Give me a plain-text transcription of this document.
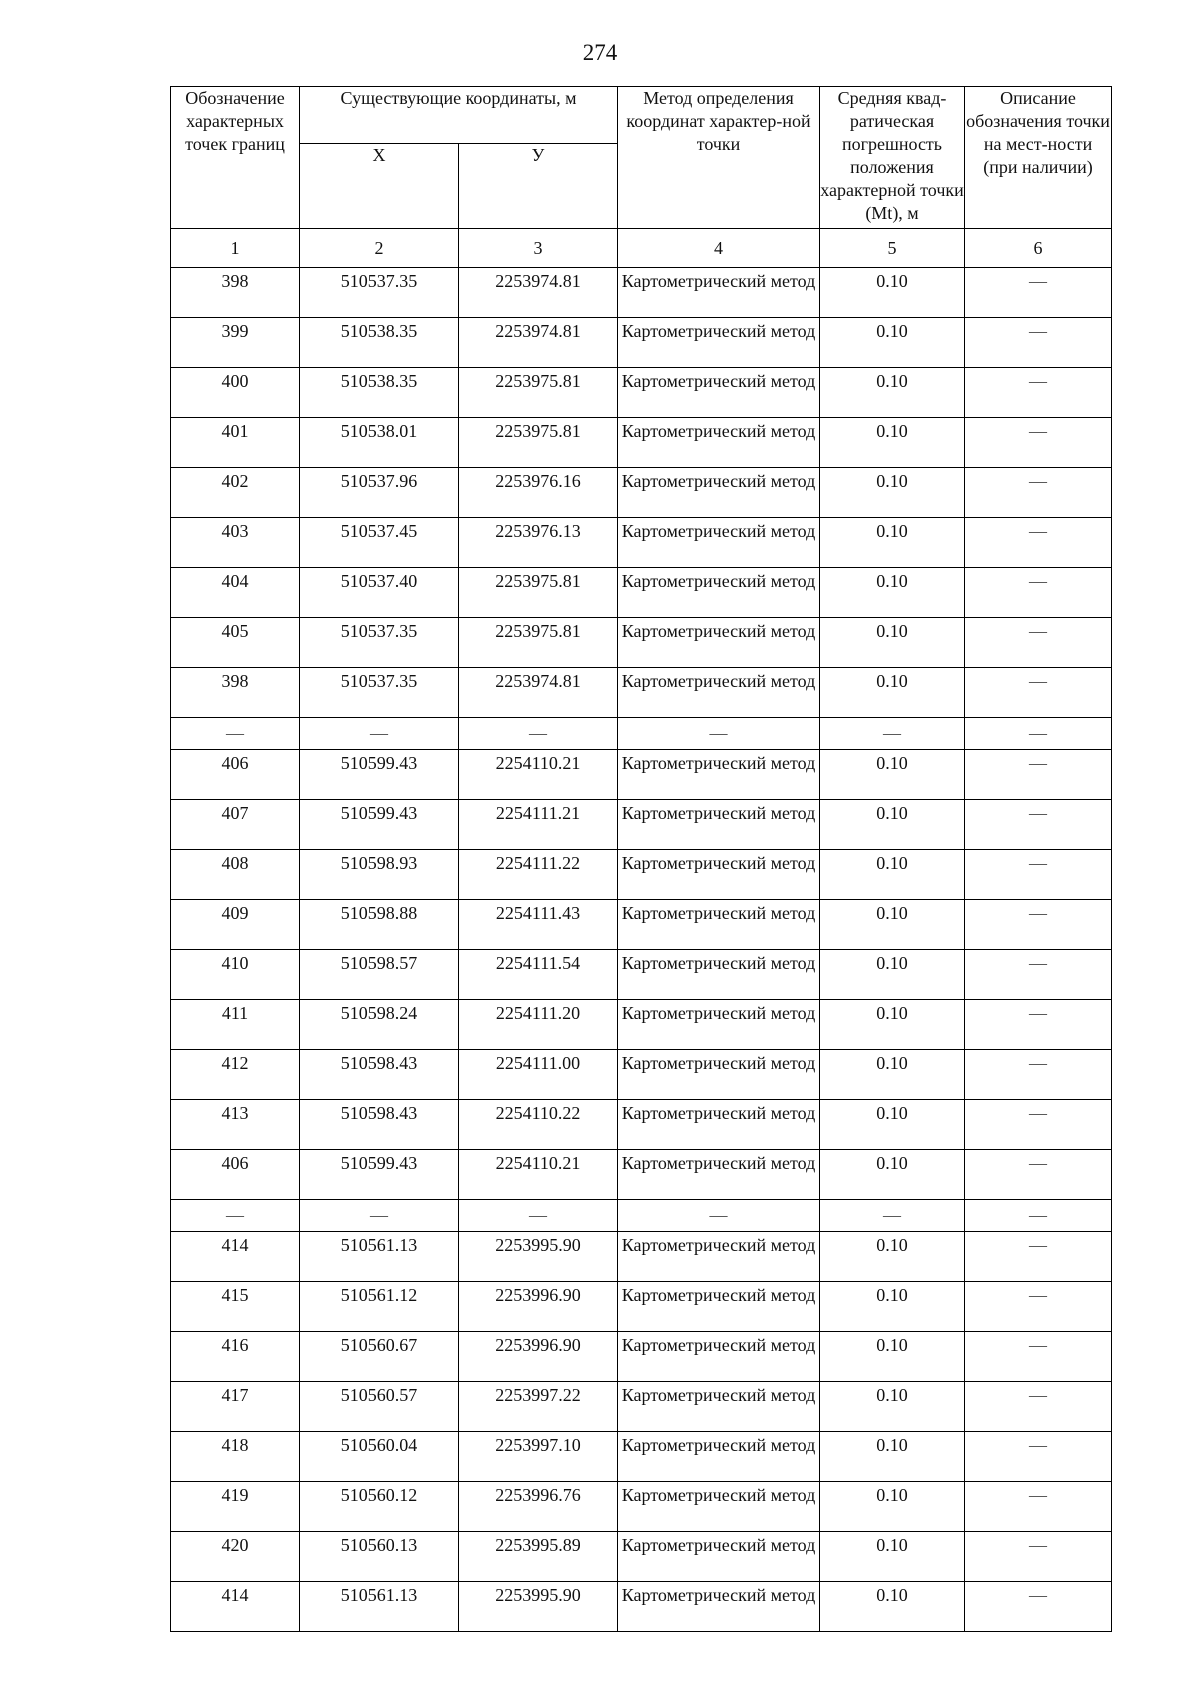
274
Обозначение характерных точек границ	Существующие координаты, м		Метод определения координат характер-ной точки	Средняя квад-ратическая погрешность положения характерной точки (Мt), м	Описание обозначения точки на мест-ности (при наличии)
	Х	У			
1	2	3	4	5	6
398	510537.35	2253974.81	Картометрический метод	0.10	—
399	510538.35	2253974.81	Картометрический метод	0.10	—
400	510538.35	2253975.81	Картометрический метод	0.10	—
401	510538.01	2253975.81	Картометрический метод	0.10	—
402	510537.96	2253976.16	Картометрический метод	0.10	—
403	510537.45	2253976.13	Картометрический метод	0.10	—
404	510537.40	2253975.81	Картометрический метод	0.10	—
405	510537.35	2253975.81	Картометрический метод	0.10	—
398	510537.35	2253974.81	Картометрический метод	0.10	—
—	—	—	—	—	—
406	510599.43	2254110.21	Картометрический метод	0.10	—
407	510599.43	2254111.21	Картометрический метод	0.10	—
408	510598.93	2254111.22	Картометрический метод	0.10	—
409	510598.88	2254111.43	Картометрический метод	0.10	—
410	510598.57	2254111.54	Картометрический метод	0.10	—
411	510598.24	2254111.20	Картометрический метод	0.10	—
412	510598.43	2254111.00	Картометрический метод	0.10	—
413	510598.43	2254110.22	Картометрический метод	0.10	—
406	510599.43	2254110.21	Картометрический метод	0.10	—
—	—	—	—	—	—
414	510561.13	2253995.90	Картометрический метод	0.10	—
415	510561.12	2253996.90	Картометрический метод	0.10	—
416	510560.67	2253996.90	Картометрический метод	0.10	—
417	510560.57	2253997.22	Картометрический метод	0.10	—
418	510560.04	2253997.10	Картометрический метод	0.10	—
419	510560.12	2253996.76	Картометрический метод	0.10	—
420	510560.13	2253995.89	Картометрический метод	0.10	—
414	510561.13	2253995.90	Картометрический метод	0.10	—
